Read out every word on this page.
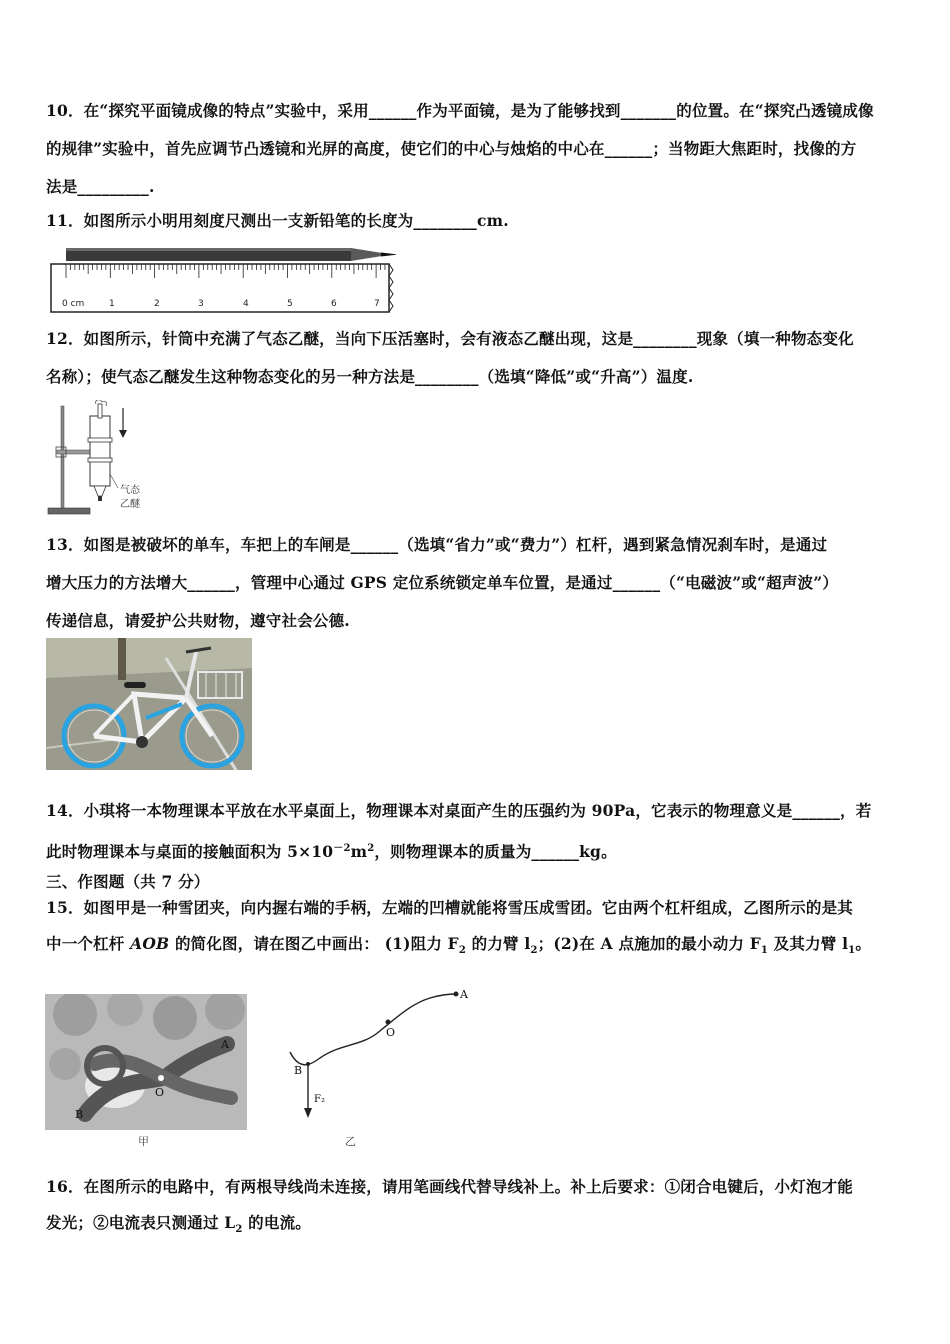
10．在“探究平面镜成像的特点”实验中，采用______作为平面镜，是为了能够找到_______的位置。在“探究凸透镜成像
的规律”实验中，首先应调节凸透镜和光屏的高度，使它们的中心与烛焰的中心在______；当物距大焦距时，找像的方
法是_________.
11．如图所示小明用刻度尺测出一支新铅笔的长度为________cm.
0 cm	1	2	3	4	5	6	7
12．如图所示，针筒中充满了气态乙醚，当向下压活塞时，会有液态乙醚出现，这是________现象（填一种物态变化
名称）；使气态乙醚发生这种物态变化的另一种方法是________（选填“降低”或“升高”）温度.
气态
乙醚
13．如图是被破坏的单车，车把上的车闸是______（选填“省力”或“费力”）杠杆，遇到紧急情况刹车时，是通过
增大压力的方法增大______，管理中心通过 GPS 定位系统锁定单车位置，是通过______（“电磁波”或“超声波”）
传递信息，请爱护公共财物，遵守社会公德.
14．小琪将一本物理课本平放在水平桌面上，物理课本对桌面产生的压强约为 90Pa，它表示的物理意义是______，若
此时物理课本与桌面的接触面积为 $5\times 10^{-2}m^2$，则物理课本的质量为______kg。
三、作图题（共 7 分）
15．如图甲是一种雪团夹，向内握右端的手柄，左端的凹槽就能将雪压成雪团。它由两个杠杆组成，乙图所示的是其
中一个杠杆 AOB 的简化图，请在图乙中画出： (1)阻力 $F_2$ 的力臂 $l_2$；(2)在 A 点施加的最小动力 $F_1$ 及其力臂 $l_1$。
A
O
B
甲
A
O
B
F₂
乙
16．在图所示的电路中，有两根导线尚未连接，请用笔画线代替导线补上。补上后要求：①闭合电键后，小灯泡才能
发光；②电流表只测通过 $L_2$ 的电流。
